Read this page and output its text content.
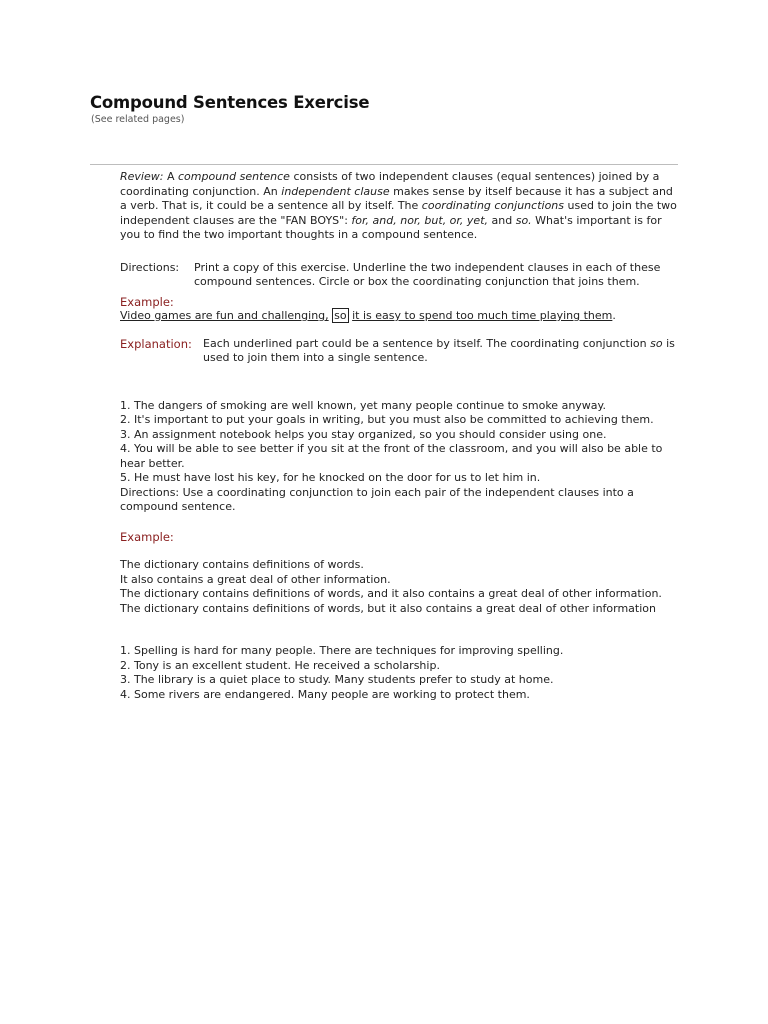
Compound Sentences Exercise
(See related pages)

Review: A compound sentence consists of two independent clauses (equal sentences) joined by a coordinating conjunction. An independent clause makes sense by itself because it has a subject and a verb. That is, it could be a sentence all by itself. The coordinating conjunctions used to join the two independent clauses are the "FAN BOYS": for, and, nor, but, or, yet, and so. What's important is for you to find the two important thoughts in a compound sentence.

Directions:	Print a copy of this exercise. Underline the two independent clauses in each of these compound sentences. Circle or box the coordinating conjunction that joins them.
Example:

Video games are fun and challenging, so it is easy to spend too much time playing them.

Explanation:	Each underlined part could be a sentence by itself. The coordinating conjunction so is used to join them into a single sentence.

1. The dangers of smoking are well known, yet many people continue to smoke anyway.

2. It's important to put your goals in writing, but you must also be committed to achieving them.

3. An assignment notebook helps you stay organized, so you should consider using one.

4. You will be able to see better if you sit at the front of the classroom, and you will also be able to hear better.

5. He must have lost his key, for he knocked on the door for us to let him in.

Directions: Use a coordinating conjunction to join each pair of the independent clauses into a compound sentence.

Example:

The dictionary contains definitions of words.

It also contains a great deal of other information.

The dictionary contains definitions of words, and it also contains a great deal of other information.

The dictionary contains definitions of words, but it also contains a great deal of other information

1. Spelling is hard for many people. There are techniques for improving spelling.

2. Tony is an excellent student. He received a scholarship.

3. The library is a quiet place to study. Many students prefer to study at home.

4. Some rivers are endangered. Many people are working to protect them.
